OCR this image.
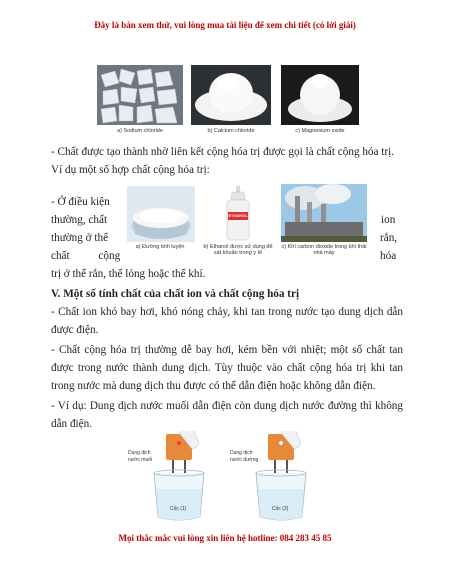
Đây là bản xem thử, vui lòng mua tài liệu để xem chi tiết (có lời giải)
a) Sodium chloride	b) Calcium chloride	c) Magnesium oxide
- Chất được tạo thành nhờ liên kết cộng hóa trị được gọi là chất cộng hóa trị.
Ví dụ một số hợp chất cộng hóa trị:
- Ở điều kiện
thường, chất	ion
thường ở thể	rắn,
chất cộng	hóa
trị ở thể rắn, thể lỏng hoặc thể khí.
ETHANOL
a) Đường tinh luyện	b) Ethanol được sử dụng để sát khuẩn trong y tế
c) Khí carbon dioxide trong khí thải nhà máy
V. Một số tính chất của chất ion và chất cộng hóa trị
- Chất ion khó bay hơi, khó nóng chảy, khi tan trong nước tạo dung dịch dẫn được điện.
- Chất cộng hóa trị thường dễ bay hơi, kém bền với nhiệt; một số chất tan được trong nước thành dung dịch. Tùy thuộc vào chất cộng hóa trị khi tan trong nước mà dung dịch thu được có thể dẫn điện hoặc không dẫn điện.
- Ví dụ: Dung dịch nước muối dẫn điện còn dung dịch nước đường thì không dẫn điện.
Dung dịch nước muối
Dung dịch nước đường
Cốc (1)	Cốc (2)
Mọi thắc mắc vui lòng xin liên hệ hotline: 084 283 45 85
